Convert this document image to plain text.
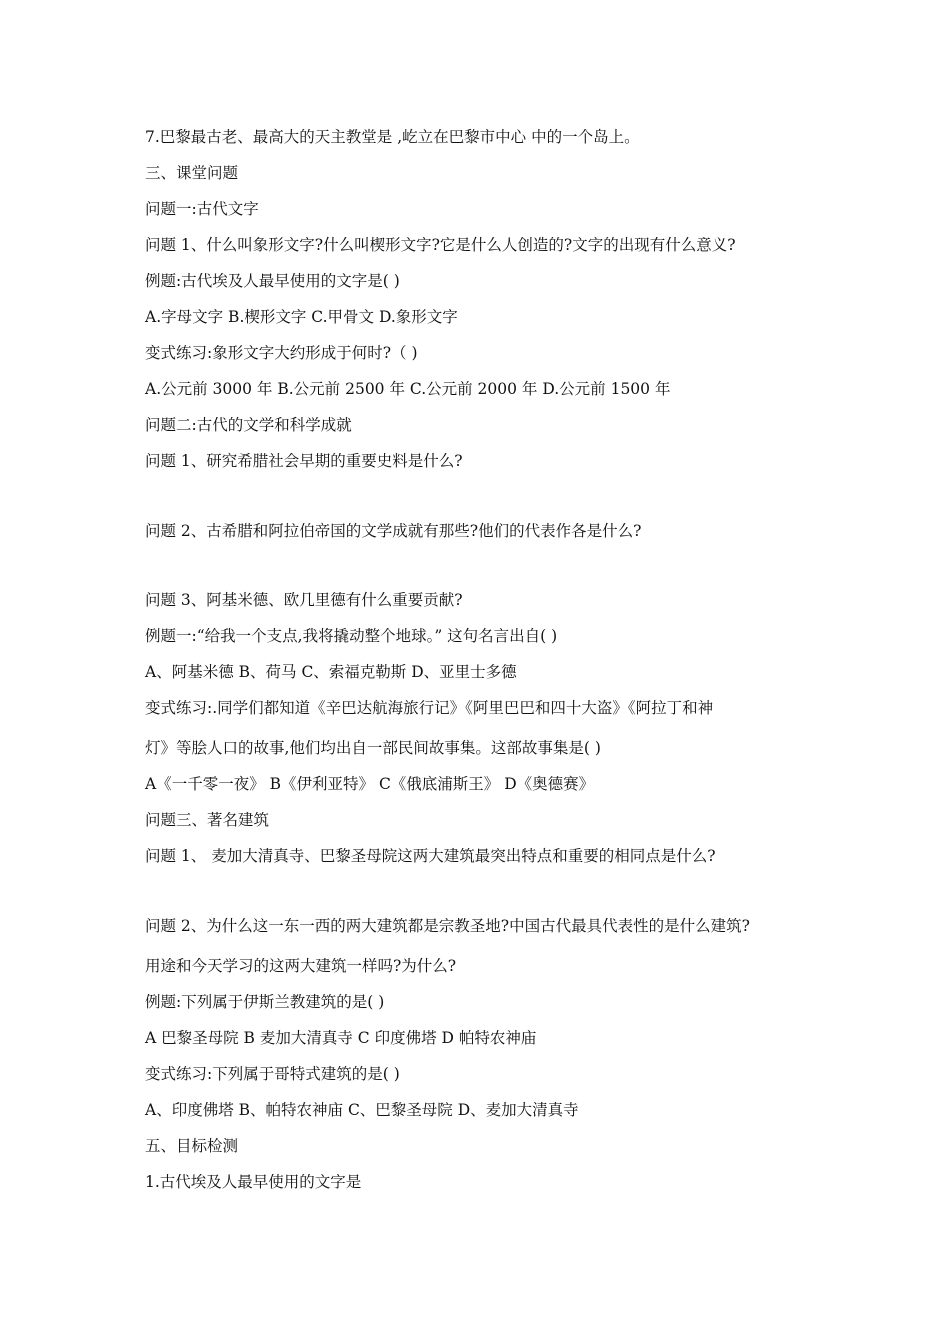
7.巴黎最古老、最高大的天主教堂是 ,屹立在巴黎市中心 中的一个岛上。
三、课堂问题
问题一:古代文字
问题 1、什么叫象形文字?什么叫楔形文字?它是什么人创造的?文字的出现有什么意义?
例题:古代埃及人最早使用的文字是( )
A.字母文字 B.楔形文字 C.甲骨文 D.象形文字
变式练习:象形文字大约形成于何时?（ )
A.公元前 3000 年 B.公元前 2500 年 C.公元前 2000 年 D.公元前 1500 年
问题二:古代的文学和科学成就
问题 1、研究希腊社会早期的重要史料是什么?
问题 2、古希腊和阿拉伯帝国的文学成就有那些?他们的代表作各是什么?
问题 3、阿基米德、欧几里德有什么重要贡献?
例题一:“给我一个支点,我将撬动整个地球。” 这句名言出自( )
A、阿基米德 B、荷马 C、索福克勒斯 D、亚里士多德
变式练习:.同学们都知道《辛巴达航海旅行记》《阿里巴巴和四十大盗》《阿拉丁和神
灯》等脍人口的故事,他们均出自一部民间故事集。这部故事集是( )
A《一千零一夜》 B《伊利亚特》 C《俄底浦斯王》 D《奥德赛》
问题三、著名建筑
问题 1、 麦加大清真寺、巴黎圣母院这两大建筑最突出特点和重要的相同点是什么?
问题 2、为什么这一东一西的两大建筑都是宗教圣地?中国古代最具代表性的是什么建筑?
用途和今天学习的这两大建筑一样吗?为什么?
例题:下列属于伊斯兰教建筑的是( )
A 巴黎圣母院 B 麦加大清真寺 C 印度佛塔 D 帕特农神庙
变式练习:下列属于哥特式建筑的是( )
A、印度佛塔 B、帕特农神庙 C、巴黎圣母院 D、麦加大清真寺
五、目标检测
1.古代埃及人最早使用的文字是
